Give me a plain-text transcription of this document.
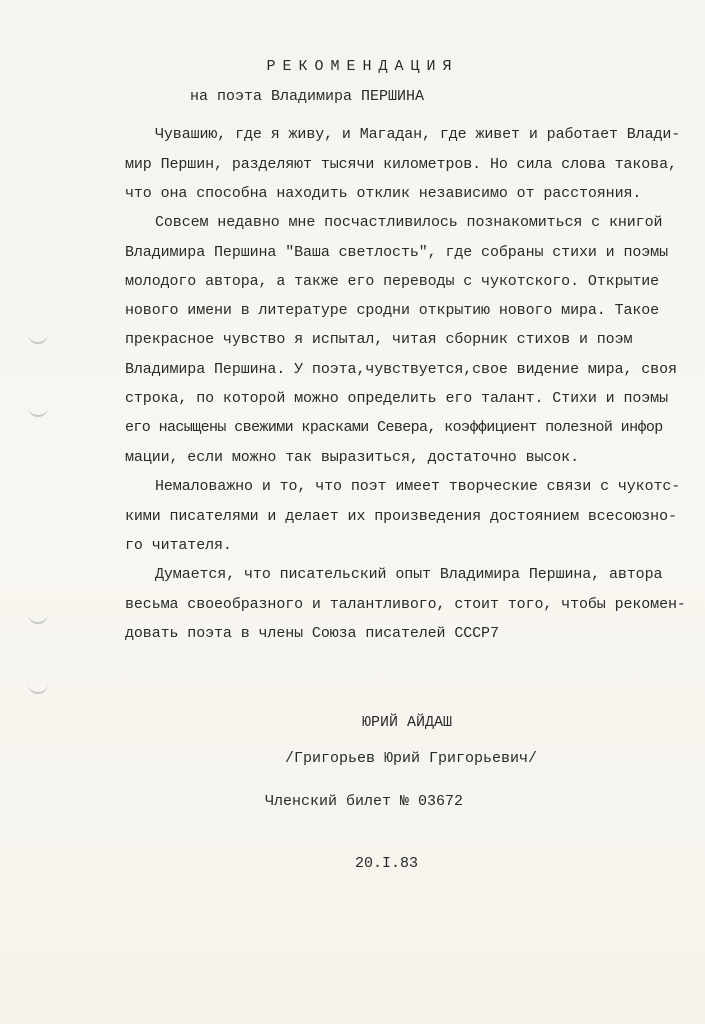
РЕКОМЕНДАЦИЯ
на поэта Владимира ПЕРШИНА
Чувашию, где я живу, и Магадан, где живет и работает Влади-
мир Першин, разделяют тысячи километров. Но сила слова такова,
что она способна находить отклик независимо от расстояния.
Совсем недавно мне посчастливилось познакомиться с книгой
Владимира Першина "Ваша светлость", где собраны стихи и поэмы
молодого автора, а также его переводы с чукотского. Открытие
нового имени в литературе сродни открытию нового мира. Такое
прекрасное чувство я испытал, читая сборник стихов и поэм
Владимира Першина. У поэта,чувствуется,свое видение мира, своя
строка, по которой можно определить его талант. Стихи и поэмы
его насыщены свежими красками Севера, коэффициент полезной инфор
мации, если можно так выразиться, достаточно высок.
Немаловажно и то, что поэт имеет творческие связи с чукотс-
кими писателями и делает их произведения достоянием всесоюзно-
го читателя.
Думается, что писательский опыт Владимира Першина, автора
весьма своеобразного и талантливого, стоит того, чтобы рекомен-
довать поэта в члены Союза писателей СССР7
ЮРИЙ АЙДАШ
/Григорьев Юрий Григорьевич/
Членский билет № 03672
20.I.83
